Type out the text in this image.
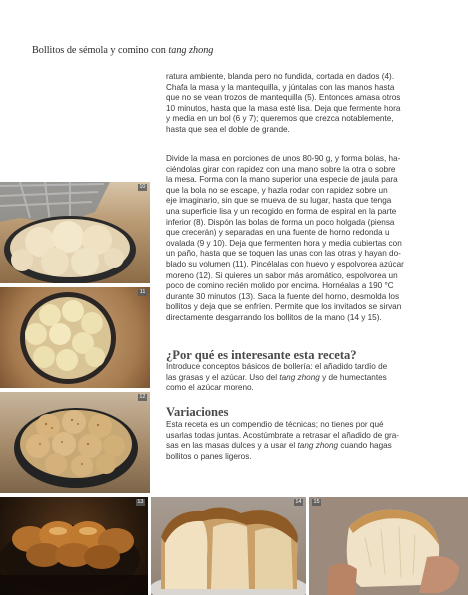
Bollitos de sémola y comino con tang zhong

ratura ambiente, blanda pero no fundida, cortada en dados (4).
Chafa la masa y la mantequilla, y júntalas con las manos hasta
que no se vean trozos de mantequilla (5). Entonces amasa otros
10 minutos, hasta que la masa esté lisa. Deja que fermente hora
y media en un bol (6 y 7); queremos que crezca notablemente,
hasta que sea el doble de grande.

Divide la masa en porciones de unos 80-90 g, y forma bolas, ha-
ciéndolas girar con rapidez con una mano sobre la otra o sobre
la mesa. Forma con la mano superior una especie de jaula para
que la bola no se escape, y hazla rodar con rapidez sobre un
eje imaginario, sin que se mueva de su lugar, hasta que tenga
una superficie lisa y un recogido en forma de espiral en la parte
inferior (8). Dispón las bolas de forma un poco holgada (piensa
que crecerán) y separadas en una fuente de horno redonda u
ovalada (9 y 10). Deja que fermenten hora y media cubiertas con
un paño, hasta que se toquen las unas con las otras y hayan do-
blado su volumen (11). Pincélalas con huevo y espolvorea azúcar
moreno (12). Si quieres un sabor más aromático, espolvorea un
poco de comino recién molido por encima. Hornéalas a 190 °C
durante 30 minutos (13). Saca la fuente del horno, desmolda los
bollitos y deja que se enfríen. Permite que los invitados se sirvan
directamente desgarrando los bollitos de la mano (14 y 15).

¿Por qué es interesante esta receta?

Introduce conceptos básicos de bollería: el añadido tardío de
las grasas y el azúcar. Uso del tang zhong y de humectantes
como el azúcar moreno.

Variaciones

Esta receta es un compendio de técnicas; no tienes por qué
usarlas todas juntas. Acostúmbrate a retrasar el añadido de gra-
sas en las masas dulces y a usar el tang zhong cuando hagas
bollitos o panes ligeros.

10
11
12
13	14 15
